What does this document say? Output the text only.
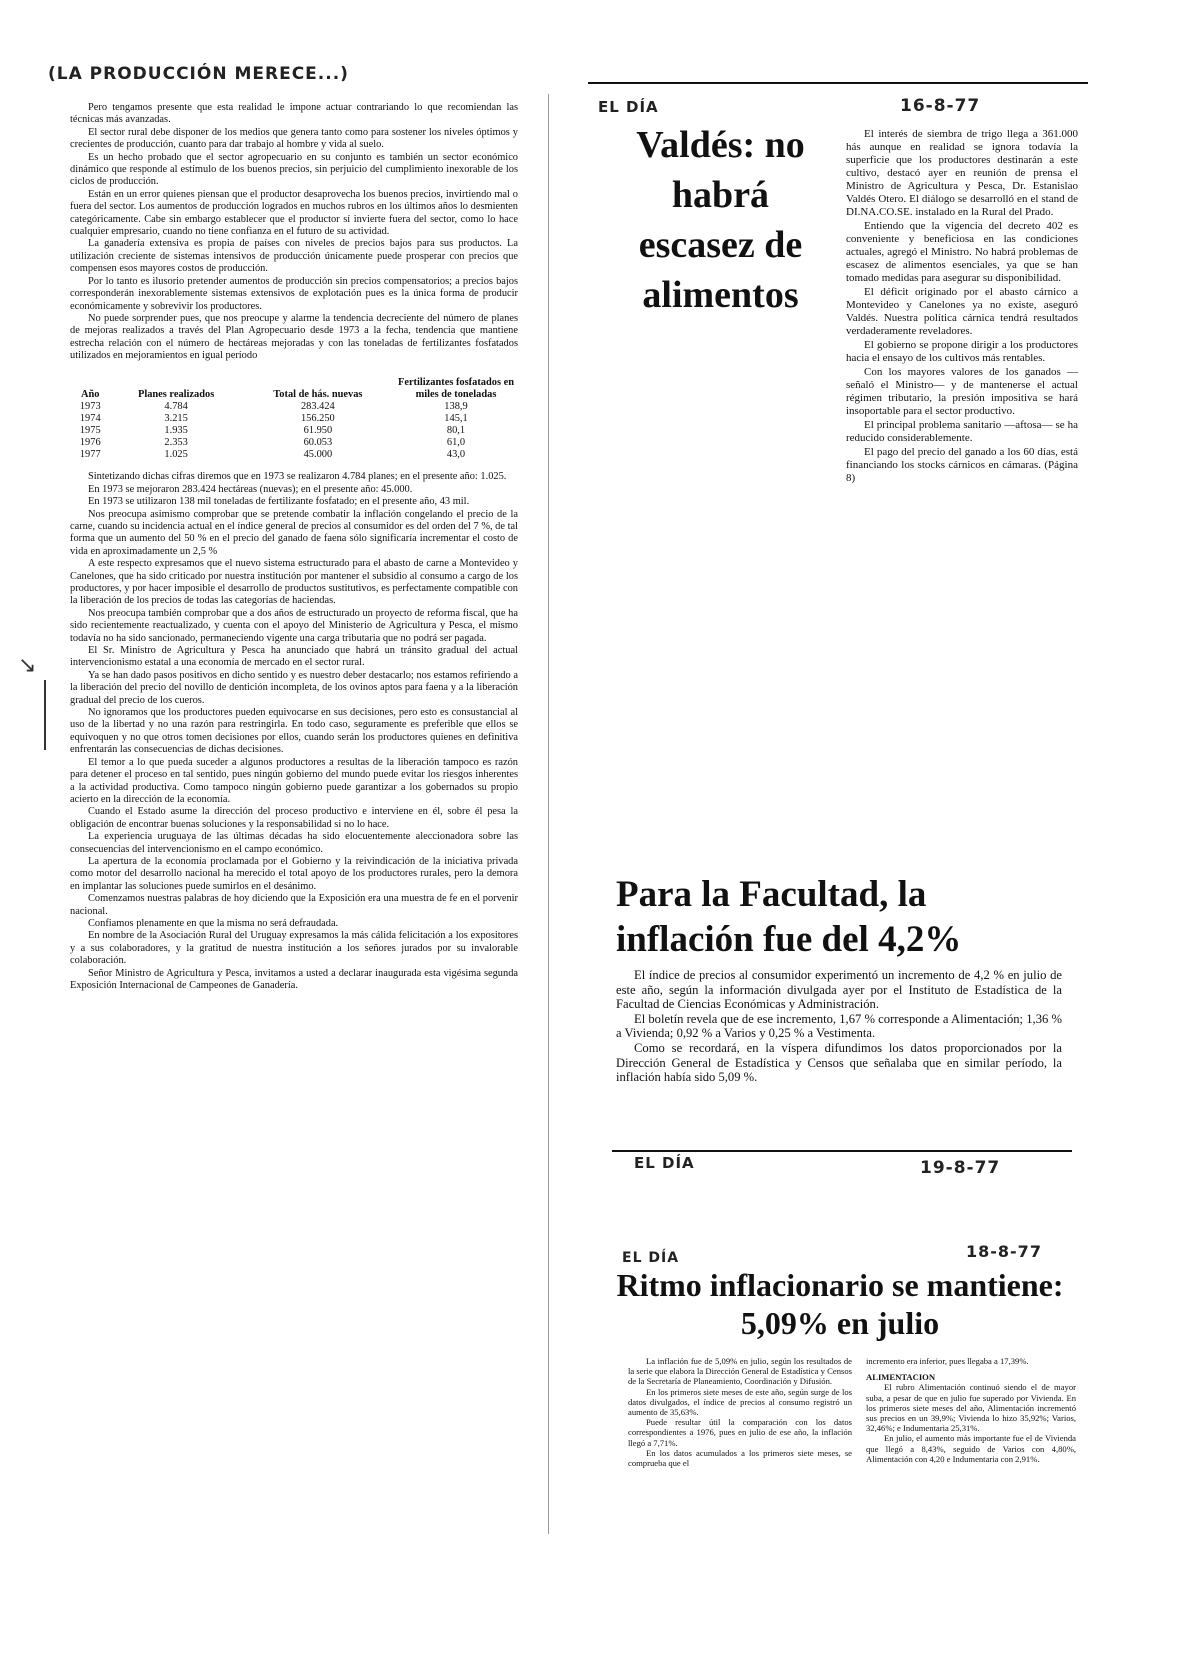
(LA PRODUCCIÓN MERECE...)
↘

Pero tengamos presente que esta realidad le impone actuar contrariando lo que recomiendan las técnicas más avanzadas.

El sector rural debe disponer de los medios que genera tanto como para sostener los niveles óptimos y crecientes de producción, cuanto para dar trabajo al hombre y vida al suelo.

Es un hecho probado que el sector agropecuario en su conjunto es también un sector económico dinámico que responde al estímulo de los buenos precios, sin perjuicio del cumplimiento inexorable de los ciclos de producción.

Están en un error quienes piensan que el productor desaprovecha los buenos precios, invirtiendo mal o fuera del sector. Los aumentos de producción logrados en muchos rubros en los últimos años lo desmienten categóricamente. Cabe sin embargo establecer que el productor sí invierte fuera del sector, como lo hace cualquier empresario, cuando no tiene confianza en el futuro de su actividad.

La ganadería extensiva es propia de países con niveles de precios bajos para sus productos. La utilización creciente de sistemas intensivos de producción únicamente puede prosperar con precios que compensen esos mayores costos de producción.

Por lo tanto es ilusorio pretender aumentos de producción sin precios compensatorios; a precios bajos corresponderán inexorablemente sistemas extensivos de explotación pues es la única forma de producir económicamente y sobrevivir los productores.

No puede sorprender pues, que nos preocupe y alarme la tendencia decreciente del número de planes de mejoras realizados a través del Plan Agropecuario desde 1973 a la fecha, tendencia que mantiene estrecha relación con el número de hectáreas mejoradas y con las toneladas de fertilizantes fosfatados utilizados en mejoramientos en igual período

Año	Planes realizados	Total de hás. nuevas	Fertilizantes fosfatados en miles de toneladas
1973	4.784	283.424	138,9
1974	3.215	156.250	145,1
1975	1.935	61.950	80,1
1976	2.353	60.053	61,0
1977	1.025	45.000	43,0

Sintetizando dichas cifras diremos que en 1973 se realizaron 4.784 planes; en el presente año: 1.025.

En 1973 se mejoraron 283.424 hectáreas (nuevas); en el presente año: 45.000.

En 1973 se utilizaron 138 mil toneladas de fertilizante fosfatado; en el presente año, 43 mil.

Nos preocupa asimismo comprobar que se pretende combatir la inflación congelando el precio de la carne, cuando su incidencia actual en el índice general de precios al consumidor es del orden del 7 %, de tal forma que un aumento del 50 % en el precio del ganado de faena sólo significaría incrementar el costo de vida en aproximadamente un 2,5 %

A este respecto expresamos que el nuevo sistema estructurado para el abasto de carne a Montevideo y Canelones, que ha sido criticado por nuestra institución por mantener el subsidio al consumo a cargo de los productores, y por hacer imposible el desarrollo de productos sustitutivos, es perfectamente compatible con la liberación de los precios de todas las categorías de haciendas.

Nos preocupa también comprobar que a dos años de estructurado un proyecto de reforma fiscal, que ha sido recientemente reactualizado, y cuenta con el apoyo del Ministerio de Agricultura y Pesca, el mismo todavía no ha sido sancionado, permaneciendo vigente una carga tributaria que no podrá ser pagada.

El Sr. Ministro de Agricultura y Pesca ha anunciado que habrá un tránsito gradual del actual intervencionismo estatal a una economía de mercado en el sector rural.

Ya se han dado pasos positivos en dicho sentido y es nuestro deber destacarlo; nos estamos refiriendo a la liberación del precio del novillo de dentición incompleta, de los ovinos aptos para faena y a la liberación gradual del precio de los cueros.

No ignoramos que los productores pueden equivocarse en sus decisiones, pero esto es consustancial al uso de la libertad y no una razón para restringirla. En todo caso, seguramente es preferible que ellos se equivoquen y no que otros tomen decisiones por ellos, cuando serán los productores quienes en definitiva enfrentarán las consecuencias de dichas decisiones.

El temor a lo que pueda suceder a algunos productores a resultas de la liberación tampoco es razón para detener el proceso en tal sentido, pues ningún gobierno del mundo puede evitar los riesgos inherentes a la actividad productiva. Como tampoco ningún gobierno puede garantizar a los gobernados su propio acierto en la dirección de la economía.

Cuando el Estado asume la dirección del proceso productivo e interviene en él, sobre él pesa la obligación de encontrar buenas soluciones y la responsabilidad si no lo hace.

La experiencia uruguaya de las últimas décadas ha sido elocuentemente aleccionadora sobre las consecuencias del intervencionismo en el campo económico.

La apertura de la economía proclamada por el Gobierno y la reivindicación de la iniciativa privada como motor del desarrollo nacional ha merecido el total apoyo de los productores rurales, pero la demora en implantar las soluciones puede sumirlos en el desánimo.

Comenzamos nuestras palabras de hoy diciendo que la Exposición era una muestra de fe en el porvenir nacional.

Confiamos plenamente en que la misma no será defraudada.

En nombre de la Asociación Rural del Uruguay expresamos la más cálida felicitación a los expositores y a sus colaboradores, y la gratitud de nuestra institución a los señores jurados por su invalorable colaboración.

Señor Ministro de Agricultura y Pesca, invitamos a usted a declarar inaugurada esta vigésima segunda Exposición Internacional de Campeones de Ganadería.

EL DÍA	16-8-77
Valdés: no habrá escasez de alimentos

El interés de siembra de trigo llega a 361.000 hás aunque en realidad se ignora todavía la superficie que los productores destinarán a este cultivo, destacó ayer en reunión de prensa el Ministro de Agricultura y Pesca, Dr. Estanislao Valdés Otero. El diálogo se desarrolló en el stand de DI.NA.CO.SE. instalado en la Rural del Prado.

Entiendo que la vigencia del decreto 402 es conveniente y beneficiosa en las condiciones actuales, agregó el Ministro. No habrá problemas de escasez de alimentos esenciales, ya que se han tomado medidas para asegurar su disponibilidad.

El déficit originado por el abasto cárnico a Montevideo y Canelones ya no existe, aseguró Valdés. Nuestra política cárnica tendrá resultados verdaderamente reveladores.

El gobierno se propone dirigir a los productores hacia el ensayo de los cultivos más rentables.

Con los mayores valores de los ganados —señaló el Ministro— y de mantenerse el actual régimen tributario, la presión impositiva se hará insoportable para el sector productivo.

El principal problema sanitario —aftosa— se ha reducido considerablemente.

El pago del precio del ganado a los 60 días, está financiando los stocks cárnicos en cámaras. (Página 8)

Para la Facultad, la inflación fue del 4,2%

El índice de precios al consumidor experimentó un incremento de 4,2 % en julio de este año, según la información divulgada ayer por el Instituto de Estadística de la Facultad de Ciencias Económicas y Administración.

El boletín revela que de ese incremento, 1,67 % corresponde a Alimentación; 1,36 % a Vivienda; 0,92 % a Varios y 0,25 % a Vestimenta.

Como se recordará, en la víspera difundimos los datos proporcionados por la Dirección General de Estadística y Censos que señalaba que en similar período, la inflación había sido 5,09 %.

EL DÍA	19-8-77
EL DÍA	18-8-77
Ritmo inflacionario se mantiene: 5,09% en julio

La inflación fue de 5,09% en julio, según los resultados de la serie que elabora la Dirección General de Estadística y Censos de la Secretaría de Planeamiento, Coordinación y Difusión.

En los primeros siete meses de este año, según surge de los datos divulgados, el índice de precios al consumo registró un aumento de 35,63%.

Puede resultar útil la comparación con los datos correspondientes a 1976, pues en julio de ese año, la inflación llegó a 7,71%.

En los datos acumulados a los primeros siete meses, se comprueba que el

incremento era inferior, pues llegaba a 17,39%.
ALIMENTACION

El rubro Alimentación continuó siendo el de mayor suba, a pesar de que en julio fue superado por Vivienda. En los primeros siete meses del año, Alimentación incrementó sus precios en un 39,9%; Vivienda lo hizo 35,92%; Varios, 32,46%; e Indumentaria 25,31%.

En julio, el aumento más importante fue el de Vivienda que llegó a 8,43%, seguido de Varios con 4,80%, Alimentación con 4,20 e Indumentaria con 2,91%.
